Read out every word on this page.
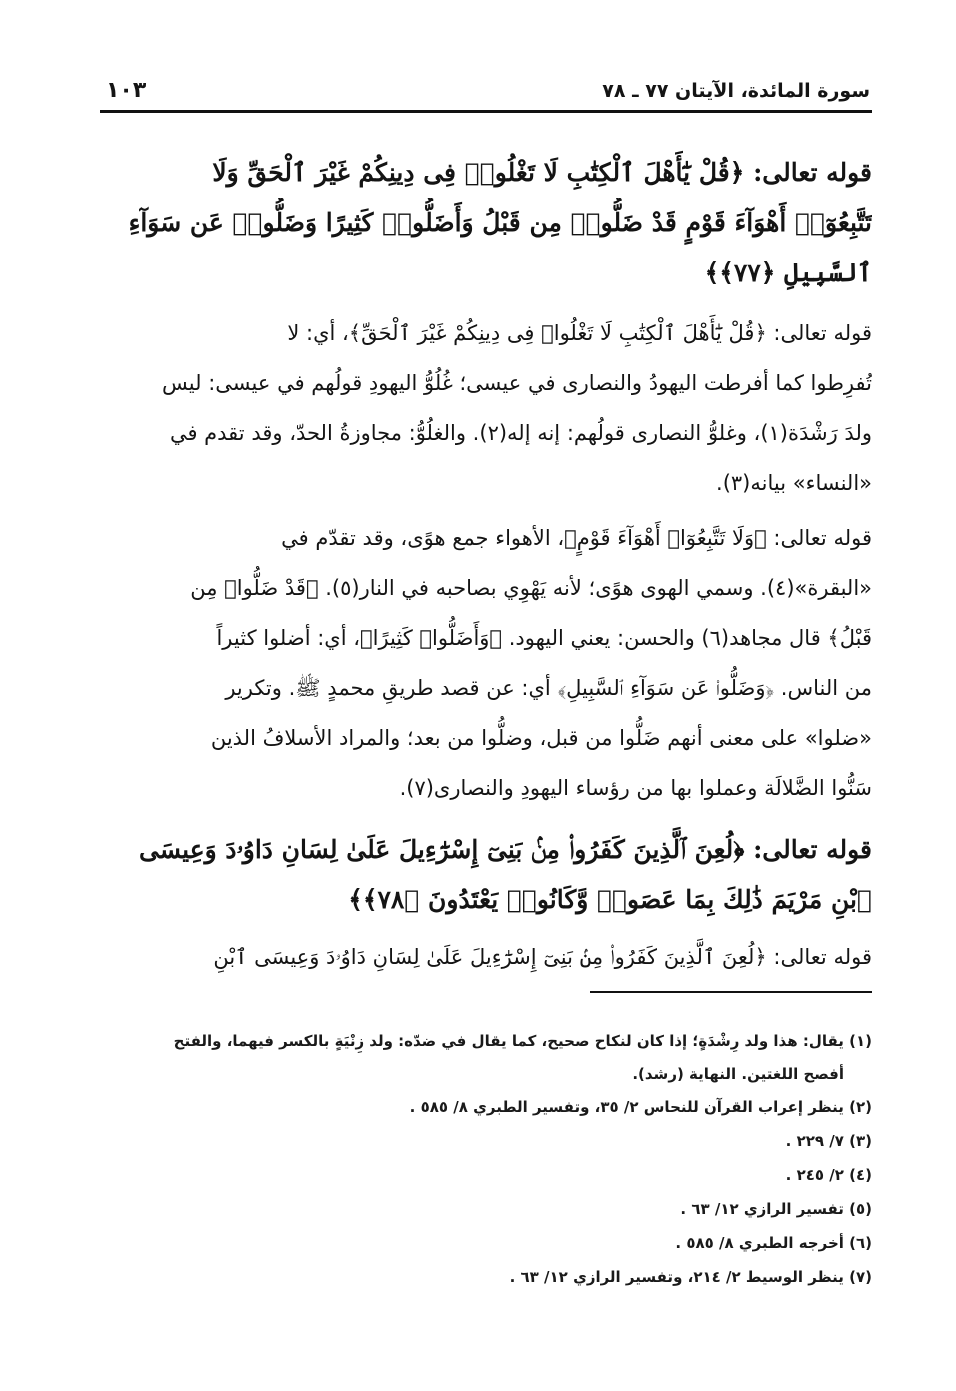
سورة المائدة، الآيتان ٧٧ ـ ٧٨
١٠٣

قوله تعالى: ﴿قُلْ يَٰٓأَهْلَ ٱلْكِتَٰبِ لَا تَغْلُوا۟ فِى دِينِكُمْ غَيْرَ ٱلْحَقِّ وَلَا

تَتَّبِعُوٓا۟ أَهْوَآءَ قَوْمٍ قَدْ ضَلُّوا۟ مِن قَبْلُ وَأَضَلُّوا۟ كَثِيرًا وَضَلُّوا۟ عَن سَوَآءِ

ٱلسَّبِيلِ ﴿٧٧﴾﴾

قوله تعالى: ﴿قُلْ يَٰٓأَهْلَ ٱلْكِتَٰبِ لَا تَغْلُوا۟ فِى دِينِكُمْ غَيْرَ ٱلْحَقِّ﴾، أي: لا

تُفرِطوا كما أفرطت اليهودُ والنصارى في عيسى؛ غُلُوُّ اليهودِ قولُهم في عيسى: ليس

ولدَ رَشْدَة(١)، وغلوُّ النصارى قولُهم: إنه إله(٢). والغلُوُّ: مجاوزةُ الحدّ، وقد تقدم في

«النساء» بيانه(٣).

قوله تعالى: ﴿وَلَا تَتَّبِعُوٓا۟ أَهْوَآءَ قَوْمٍ﴾، الأهواء جمع هوًى، وقد تقدّم في

«البقرة»(٤). وسمي الهوى هوًى؛ لأنه يَهْوِي بصاحبه في النار(٥). ﴿قَدْ ضَلُّوا۟ مِن

قَبْلُ﴾ قال مجاهد(٦) والحسن: يعني اليهود. ﴿وَأَضَلُّوا۟ كَثِيرًا﴾، أي: أضلوا كثيراً

من الناس. ﴿وَضَلُّوا۟ عَن سَوَآءِ ٱلسَّبِيلِ﴾ أي: عن قصد طريقِ محمدٍ ﷺ. وتكرير

«ضلوا» على معنى أنهم ضَلُّوا من قبل، وضلُّوا من بعد؛ والمراد الأسلافُ الذين

سَنُّوا الضَّلالَة وعملوا بها من رؤساء اليهودِ والنصارى(٧).

قوله تعالى: ﴿لُعِنَ ٱلَّذِينَ كَفَرُوا۟ مِنۢ بَنِىٓ إِسْرَٰٓءِيلَ عَلَىٰ لِسَانِ دَاوُۥدَ وَعِيسَى

ٱبْنِ مَرْيَمَ ذَٰلِكَ بِمَا عَصَوا۟ وَّكَانُوا۟ يَعْتَدُونَ ﴿٧٨﴾﴾

قوله تعالى: ﴿لُعِنَ ٱلَّذِينَ كَفَرُوا۟ مِنۢ بَنِىٓ إِسْرَٰٓءِيلَ عَلَىٰ لِسَانِ دَاوُۥدَ وَعِيسَى ٱبْنِ

(١) يقال: هذا ولد رِشْدَةٍ؛ إذا كان لنكاح صحيح، كما يقال في ضدّه: ولد زِنْيَةٍ بالكسر فيهما، والفتح
أفصح اللغتين. النهاية (رشد).
(٢) ينظر إعراب القرآن للنحاس ٢/ ٣٥، وتفسير الطبري ٨/ ٥٨٥ .
(٣) ٧/ ٢٢٩ .
(٤) ٢/ ٢٤٥ .
(٥) تفسير الرازي ١٢/ ٦٣ .
(٦) أخرجه الطبري ٨/ ٥٨٥ .
(٧) ينظر الوسيط ٢/ ٢١٤، وتفسير الرازي ١٢/ ٦٣ .
